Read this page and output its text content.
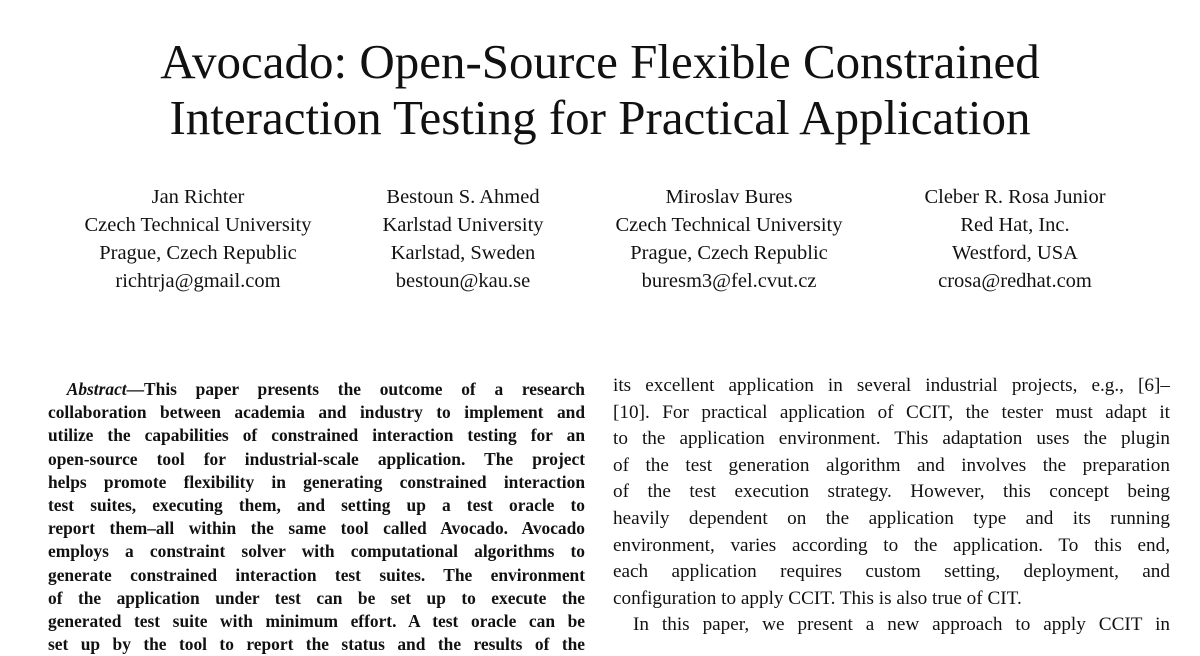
Avocado: Open-Source Flexible Constrained
Interaction Testing for Practical Application
Jan Richter
Czech Technical University
Prague, Czech Republic
richtrja@gmail.com
Bestoun S. Ahmed
Karlstad University
Karlstad, Sweden
bestoun@kau.se
Miroslav Bures
Czech Technical University
Prague, Czech Republic
buresm3@fel.cvut.cz
Cleber R. Rosa Junior
Red Hat, Inc.
Westford, USA
crosa@redhat.com
Abstract—This paper presents the outcome of a research
collaboration between academia and industry to implement and
utilize the capabilities of constrained interaction testing for an
open-source tool for industrial-scale application. The project
helps promote flexibility in generating constrained interaction
test suites, executing them, and setting up a test oracle to
report them–all within the same tool called Avocado. Avocado
employs a constraint solver with computational algorithms to
generate constrained interaction test suites. The environment
of the application under test can be set up to execute the
generated test suite with minimum effort. A test oracle can be
set up by the tool to report the status and the results of the
its excellent application in several industrial projects, e.g., [6]–
[10]. For practical application of CCIT, the tester must adapt it
to the application environment. This adaptation uses the plugin
of the test generation algorithm and involves the preparation
of the test execution strategy. However, this concept being
heavily dependent on the application type and its running
environment, varies according to the application. To this end,
each application requires custom setting, deployment, and
configuration to apply CCIT. This is also true of CIT.
In this paper, we present a new approach to apply CCIT in
